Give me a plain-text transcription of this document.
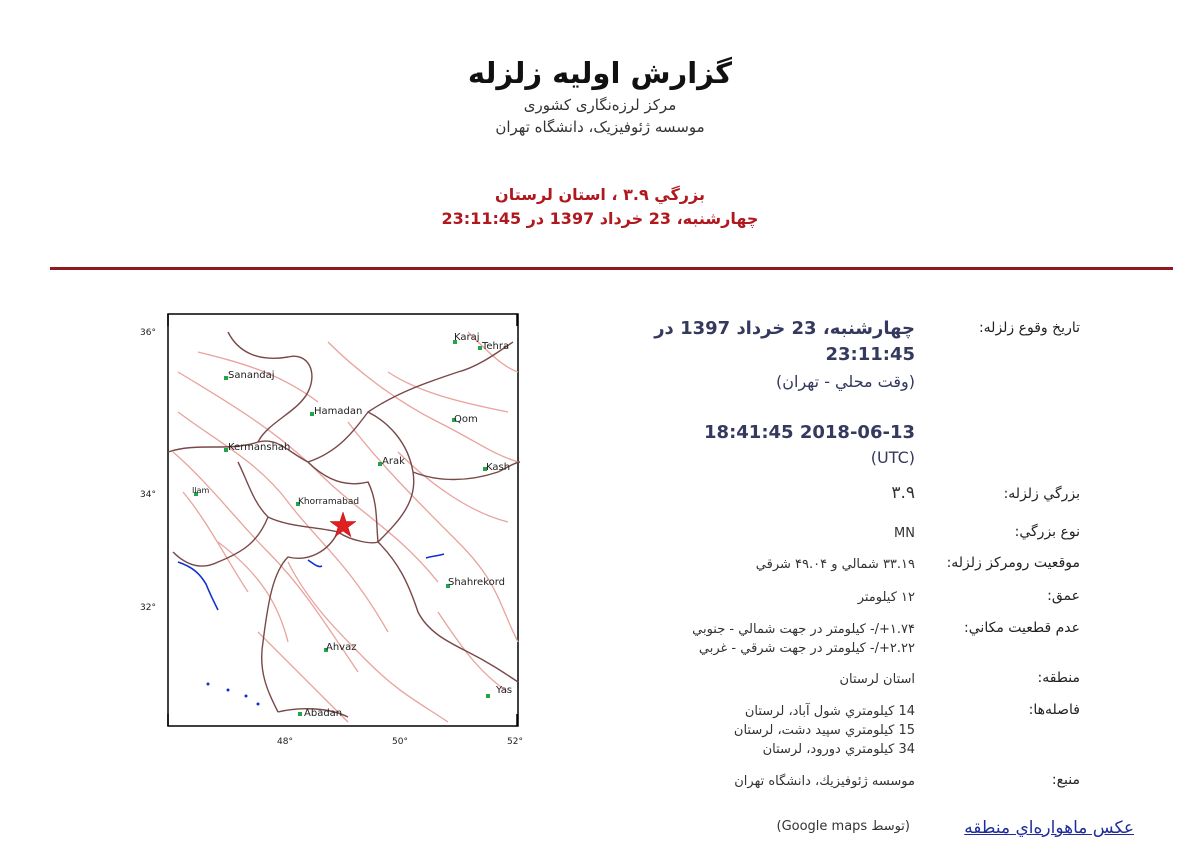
گزارش اولیه زلزله
مرکز لرزه‌نگاری کشوری
موسسه ژئوفیزیک، دانشگاه تهران
بزرگي ۳.۹ ، استان لرستان
چهارشنبه، 23 خرداد 1397 در 23:11:45
36°
34°
32°
48°	50°	52°
Karaj
Tehra
Sanandaj
Hamadan
Qom
Kermanshah
Arak
Kash
Ilam
Khorramabad
Shahrekord
Ahvaz
Yas
Abadan
تاريخ وقوع زلزله :
چهارشنبه، 23 خرداد 1397 در 23:11:45
(وقت محلي - تهران)
2018-06-13 18:41:45
(UTC)
بزرگي زلزله :
۳.۹
نوع بزرگي :
MN
موقعيت رومركز زلزله :
۳۳.۱۹ شمالي و ۴۹.۰۴ شرقي
عمق :
۱۲ كيلومتر
عدم قطعيت مكاني :
۱.۷۴+/- كيلومتر در جهت شمالي - جنوبي
۲.۲۲+/- كيلومتر در جهت شرقي - غربي
منطقه :
استان لرستان
فاصله‌ها :
14 كيلومتري شول آباد، لرستان
15 كيلومتري سپيد دشت، لرستان
34 كيلومتري دورود، لرستان
منبع :
موسسه ژئوفيزيك، دانشگاه تهران
عكس ماهواره‌اي منطقه
(توسط Google maps)
